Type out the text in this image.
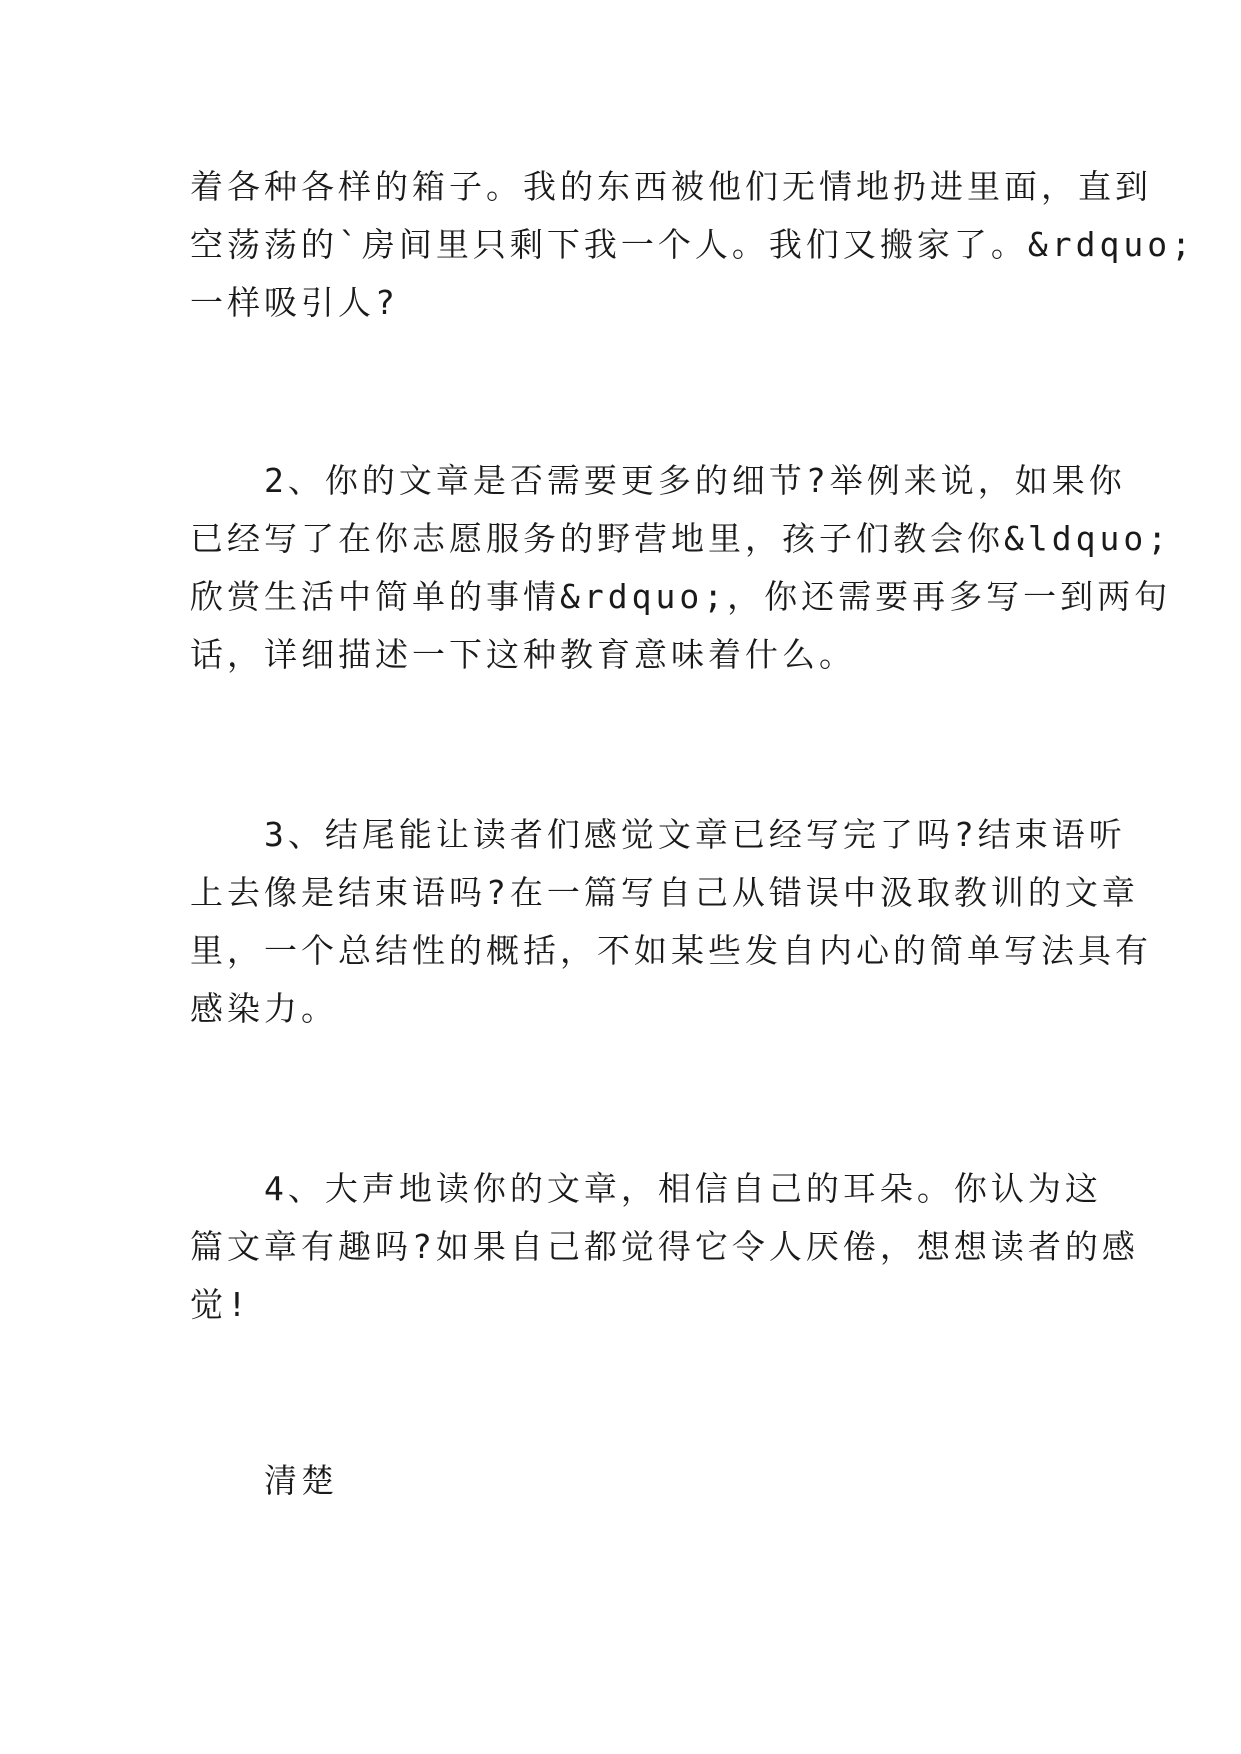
着各种各样的箱子。我的东西被他们无情地扔进里面，直到
空荡荡的`房间里只剩下我一个人。我们又搬家了。&rdquo;
一样吸引人?
　　2、你的文章是否需要更多的细节?举例来说，如果你
已经写了在你志愿服务的野营地里，孩子们教会你&ldquo;
欣赏生活中简单的事情&rdquo;，你还需要再多写一到两句
话，详细描述一下这种教育意味着什么。
　　3、结尾能让读者们感觉文章已经写完了吗?结束语听
上去像是结束语吗?在一篇写自己从错误中汲取教训的文章
里，一个总结性的概括，不如某些发自内心的简单写法具有
感染力。
　　4、大声地读你的文章，相信自己的耳朵。你认为这
篇文章有趣吗?如果自己都觉得它令人厌倦，想想读者的感
觉!
　　清楚
